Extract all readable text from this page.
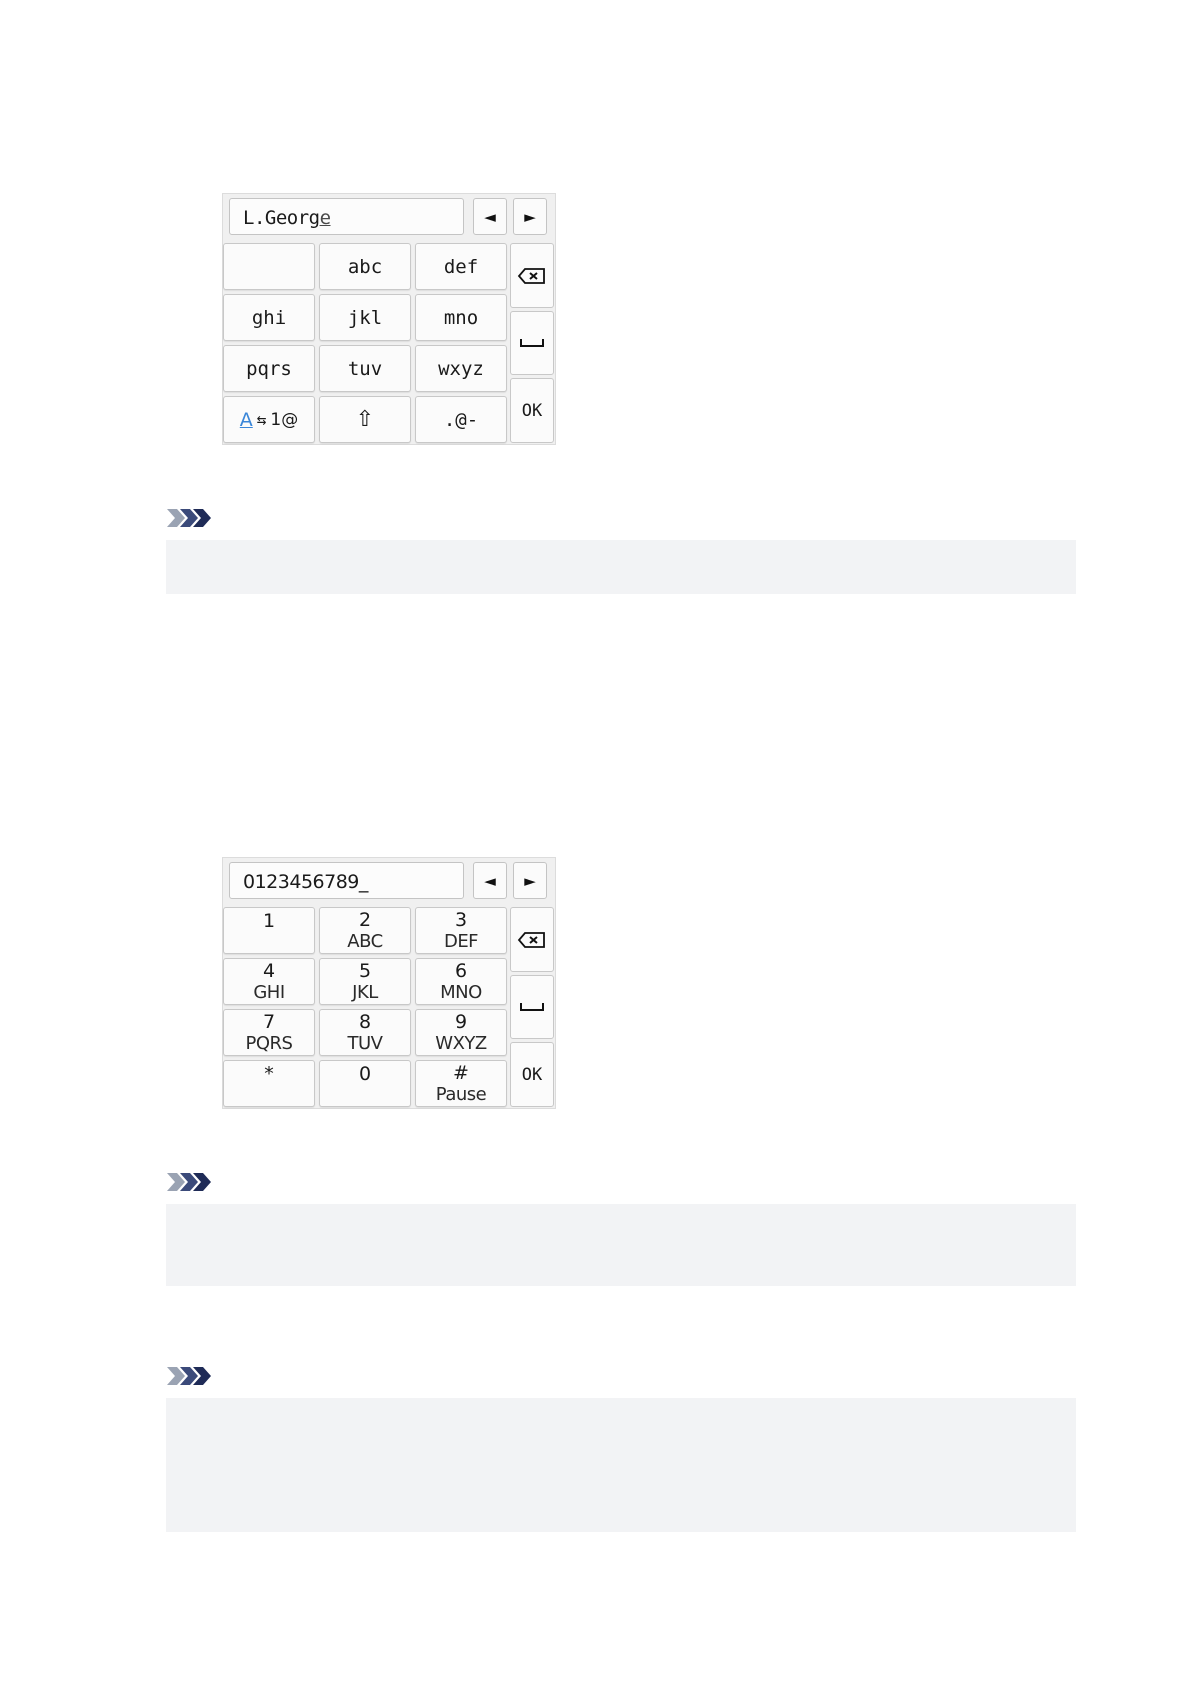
L.George	◄ ►
abc	def
ghi	jkl	mno
pqrs	tuv	wxyz
A ⇆ 1@	⇧	.@-	OK
0123456789_	◄ ►
1	2
ABC
3
DEF
4
GHI
5
JKL
6
MNO
7
PQRS
8
TUV
9
WXYZ
*	0	#
Pause
OK
